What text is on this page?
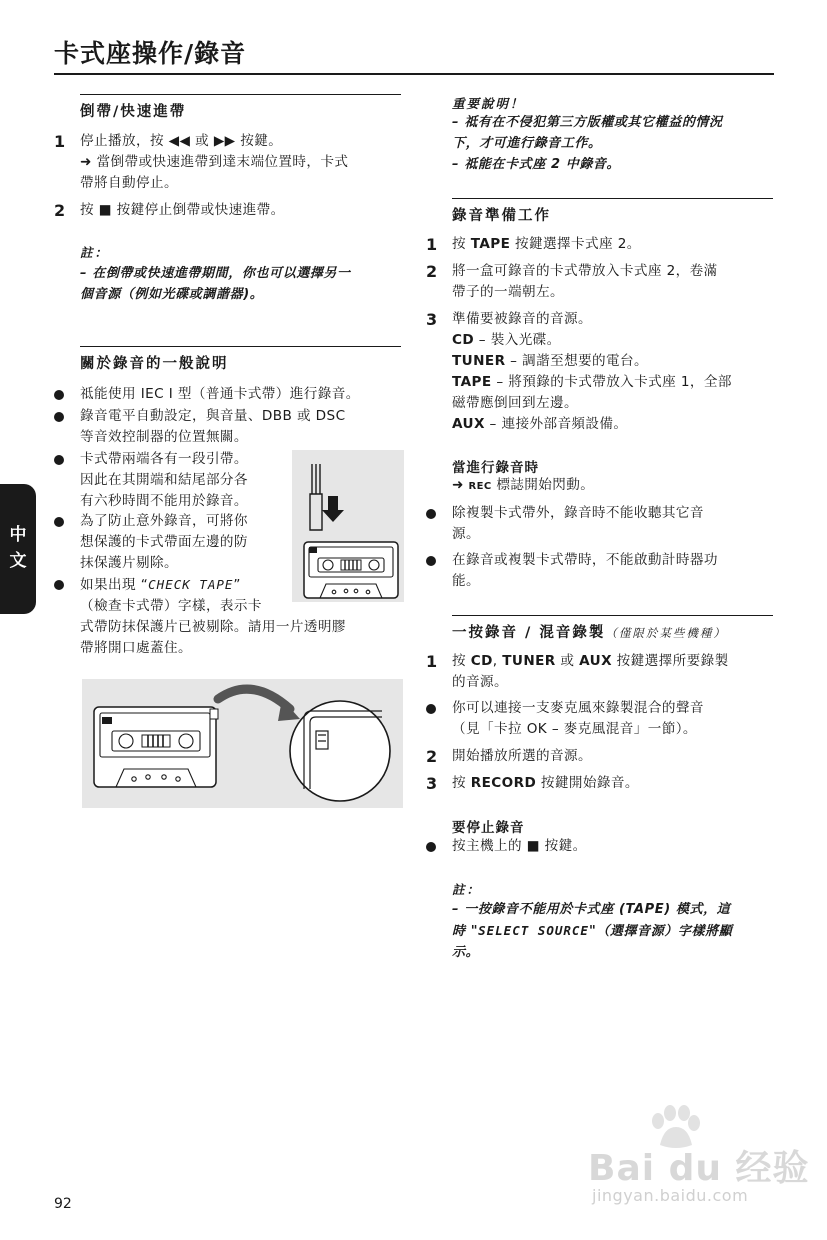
卡式座操作/錄音
中文
倒帶/快速進帶
1 停止播放，按 ◀◀ 或 ▶▶ 按鍵。
➜ 當倒帶或快速進帶到達末端位置時，卡式
帶將自動停止。
2 按 ■ 按鍵停止倒帶或快速進帶。
註：
– 在倒帶或快速進帶期間，你也可以選擇另一
個音源（例如光碟或調諧器)。
關於錄音的一般說明
祗能使用 IEC I 型（普通卡式帶）進行錄音。
錄音電平自動設定，與音量、DBB 或 DSC
等音效控制器的位置無關。
卡式帶兩端各有一段引帶。
因此在其開端和結尾部分各
有六秒時間不能用於錄音。
為了防止意外錄音，可將你
想保護的卡式帶面左邊的防
抹保護片剔除。
如果出現 “CHECK TAPE”
（檢查卡式帶）字樣，表示卡
式帶防抹保護片已被剔除。請用一片透明膠
帶將開口處蓋住。
92
重要說明！
– 祗有在不侵犯第三方版權或其它權益的情況
下，才可進行錄音工作。
– 祗能在卡式座 2 中錄音。
錄音準備工作
1 按 TAPE 按鍵選擇卡式座 2。
2 將一盒可錄音的卡式帶放入卡式座 2，卷滿
帶子的一端朝左。
3 準備要被錄音的音源。
CD – 裝入光碟。
TUNER – 調諧至想要的電台。
TAPE – 將預錄的卡式帶放入卡式座 1，全部
磁帶應倒回到左邊。
AUX – 連接外部音頻設備。
當進行錄音時
➜ REC 標誌開始閃動。
除複製卡式帶外，錄音時不能收聽其它音
源。
在錄音或複製卡式帶時，不能啟動計時器功
能。
一按錄音 / 混音錄製（僅限於某些機種）
1 按 CD, TUNER 或 AUX 按鍵選擇所要錄製
的音源。
你可以連接一支麥克風來錄製混合的聲音
（見「卡拉 OK – 麥克風混音」一節）。
2 開始播放所選的音源。
3 按 RECORD 按鍵開始錄音。
要停止錄音
按主機上的 ■ 按鍵。
註：
– 一按錄音不能用於卡式座 (TAPE) 模式，這
時 "SELECT SOURCE"（選擇音源）字樣將顯
示。
Bai du 经验
jingyan.baidu.com
